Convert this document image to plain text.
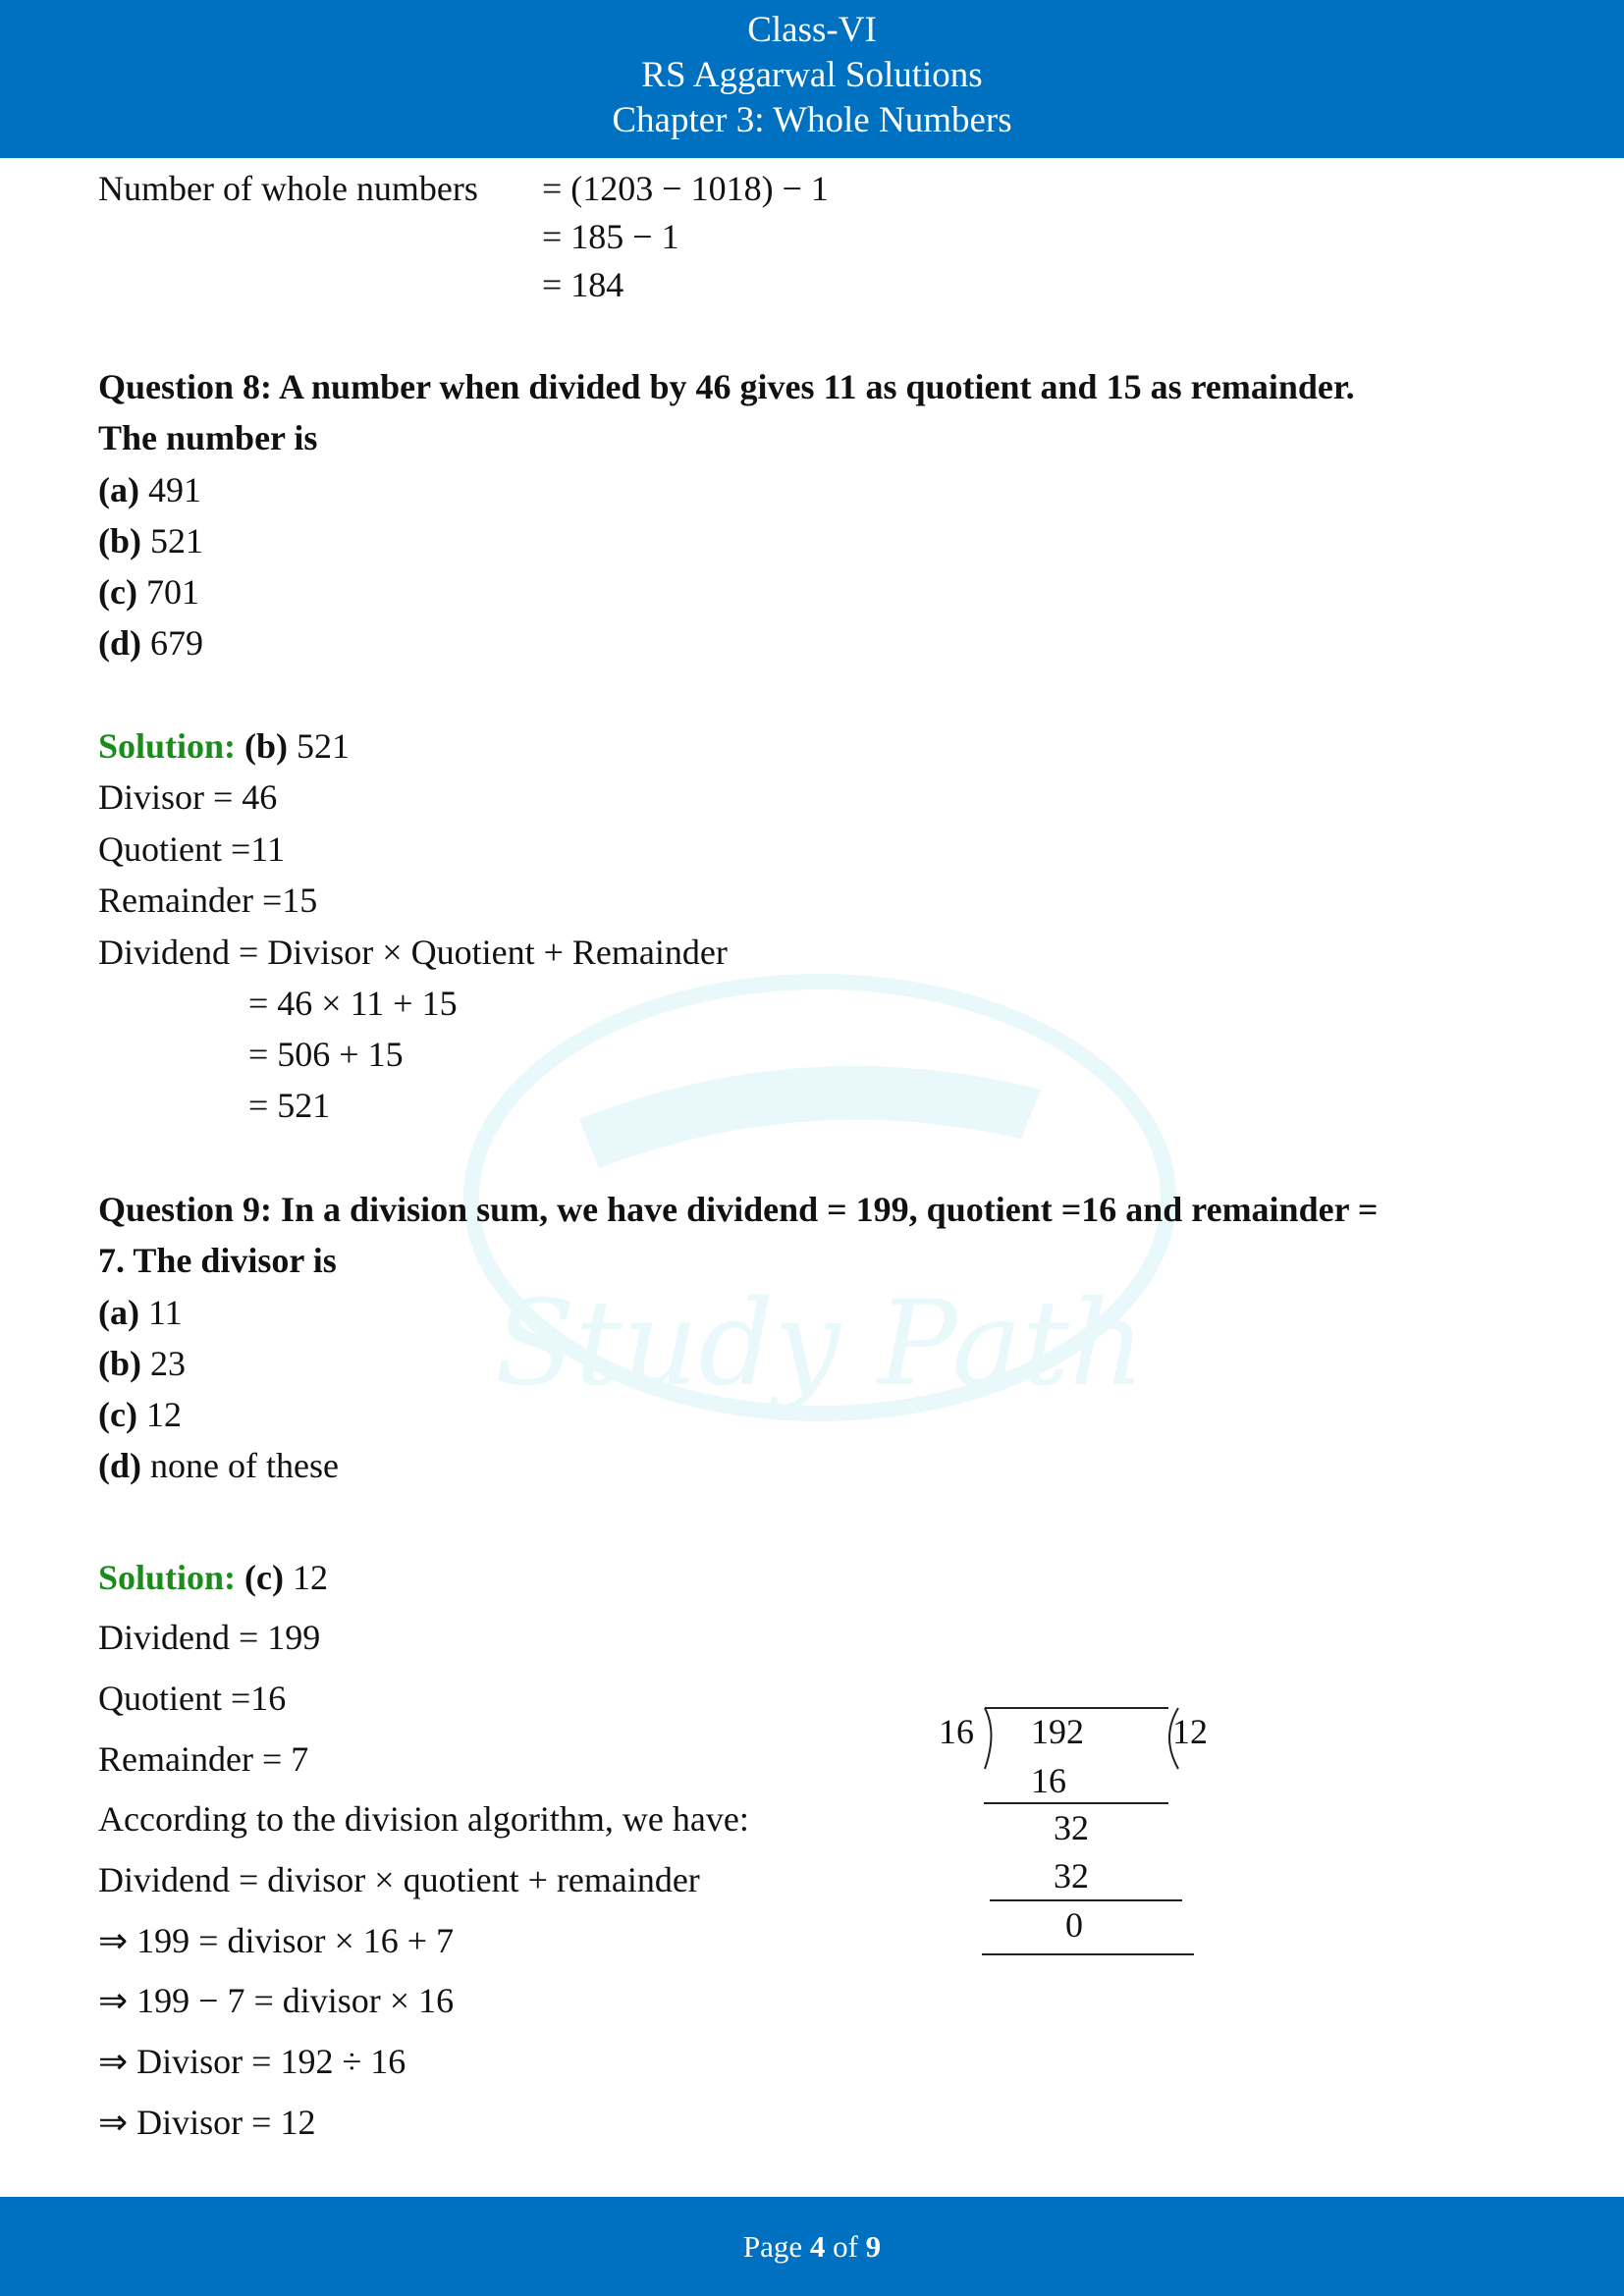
Class-VI
RS Aggarwal Solutions
Chapter 3: Whole Numbers
Study Path
Number of whole numbers = (1203 − 1018) − 1
= 185 − 1
= 184
Question 8: A number when divided by 46 gives 11 as quotient and 15 as remainder.
The number is
(a) 491
(b) 521
(c) 701
(d) 679
Solution: (b) 521
Divisor = 46
Quotient =11
Remainder =15
Dividend = Divisor × Quotient + Remainder
= 46 × 11 + 15
= 506 + 15
= 521
Question 9: In a division sum, we have dividend = 199, quotient =16 and remainder =
7. The divisor is
(a) 11
(b) 23
(c) 12
(d) none of these
Solution: (c) 12
Dividend = 199
Quotient =16
Remainder = 7
According to the division algorithm, we have:
Dividend = divisor × quotient + remainder
⇒ 199 = divisor × 16 + 7
⇒ 199 − 7 = divisor × 16
⇒ Divisor = 192 ÷ 16
⇒ Divisor = 12
16 192	12
16
32
32
0
Page 4 of 9
